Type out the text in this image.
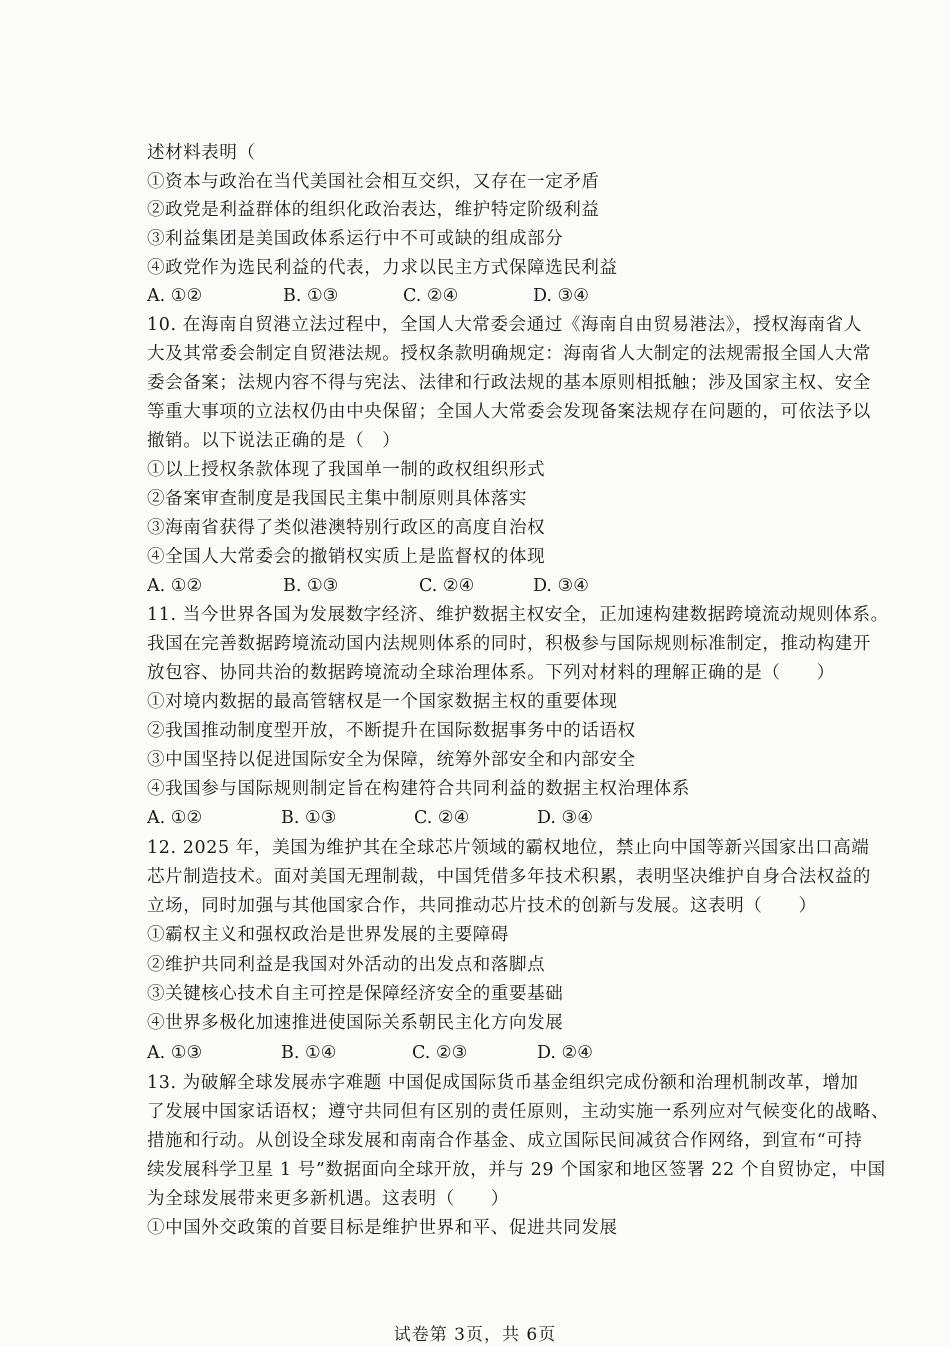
述材料表明（
①资本与政治在当代美国社会相互交织，又存在一定矛盾
②政党是利益群体的组织化政治表达，维护特定阶级利益
③利益集团是美国政体系运行中不可或缺的组成部分
④政党作为选民利益的代表，力求以民主方式保障选民利益
A. ①②	B. ①③	C. ②④	D. ③④
10. 在海南自贸港立法过程中，全国人大常委会通过《海南自由贸易港法》，授权海南省人
大及其常委会制定自贸港法规。授权条款明确规定：海南省人大制定的法规需报全国人大常
委会备案；法规内容不得与宪法、法律和行政法规的基本原则相抵触；涉及国家主权、安全
等重大事项的立法权仍由中央保留；全国人大常委会发现备案法规存在问题的，可依法予以
撤销。以下说法正确的是（　）
①以上授权条款体现了我国单一制的政权组织形式
②备案审查制度是我国民主集中制原则具体落实
③海南省获得了类似港澳特别行政区的高度自治权
④全国人大常委会的撤销权实质上是监督权的体现
A. ①②	B. ①③	C. ②④	D. ③④
11. 当今世界各国为发展数字经济、维护数据主权安全，正加速构建数据跨境流动规则体系。
我国在完善数据跨境流动国内法规则体系的同时，积极参与国际规则标准制定，推动构建开
放包容、协同共治的数据跨境流动全球治理体系。下列对材料的理解正确的是（　　）
①对境内数据的最高管辖权是一个国家数据主权的重要体现
②我国推动制度型开放，不断提升在国际数据事务中的话语权
③中国坚持以促进国际安全为保障，统筹外部安全和内部安全
④我国参与国际规则制定旨在构建符合共同利益的数据主权治理体系
A. ①②	B. ①③	C. ②④	D. ③④
12. 2025 年，美国为维护其在全球芯片领域的霸权地位，禁止向中国等新兴国家出口高端
芯片制造技术。面对美国无理制裁，中国凭借多年技术积累，表明坚决维护自身合法权益的
立场，同时加强与其他国家合作，共同推动芯片技术的创新与发展。这表明（　　）
①霸权主义和强权政治是世界发展的主要障碍
②维护共同利益是我国对外活动的出发点和落脚点
③关键核心技术自主可控是保障经济安全的重要基础
④世界多极化加速推进使国际关系朝民主化方向发展
A. ①③	B. ①④	C. ②③	D. ②④
13. 为破解全球发展赤字难题 中国促成国际货币基金组织完成份额和治理机制改革，增加
了发展中国家话语权；遵守共同但有区别的责任原则，主动实施一系列应对气候变化的战略、
措施和行动。从创设全球发展和南南合作基金、成立国际民间减贫合作网络，到宣布“可持
续发展科学卫星 1 号”数据面向全球开放，并与 29 个国家和地区签署 22 个自贸协定，中国
为全球发展带来更多新机遇。这表明（　　）
①中国外交政策的首要目标是维护世界和平、促进共同发展
试卷第 3页，共 6页
